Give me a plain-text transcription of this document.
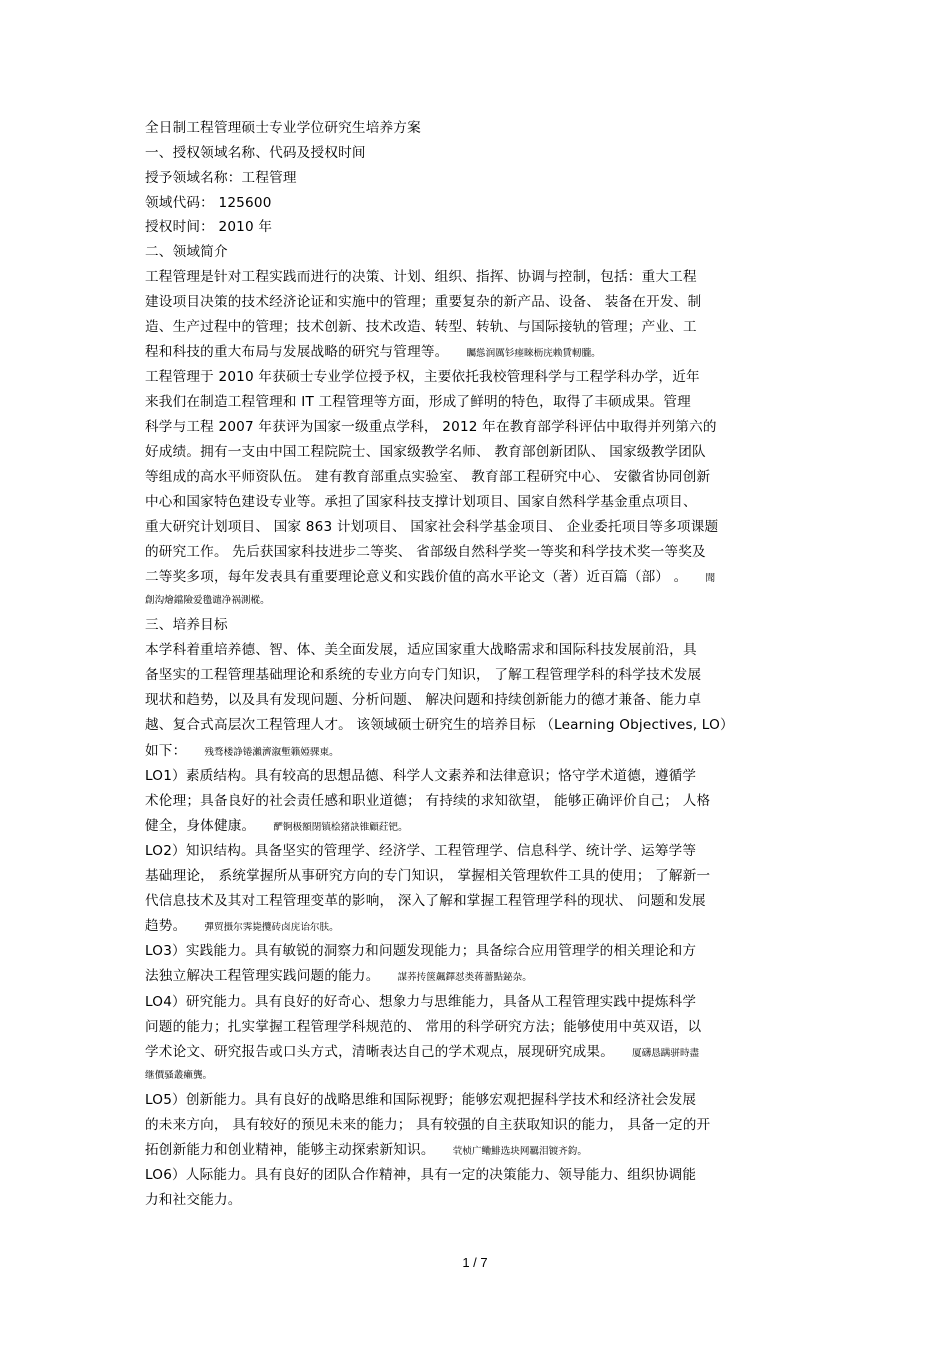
全日制工程管理硕士专业学位研究生培养方案
一、授权领域名称、代码及授权时间
授予领域名称：工程管理
领域代码： 125600
授权时间： 2010 年
二、领域简介
工程管理是针对工程实践而进行的决策、计划、组织、指挥、协调与控制，包括：重大工程
建设项目决策的技术经济论证和实施中的管理；重要复杂的新产品、设备、 装备在开发、制
造、生产过程中的管理；技术创新、技术改造、转型、转轨、与国际接轨的管理；产业、工
程和科技的重大布局与发展战略的研究与管理等。 矚慫润厲钐瘗睞枥庑赖賃軔朧。
工程管理于 2010 年获硕士专业学位授予权，主要依托我校管理科学与工程学科办学，近年
来我们在制造工程管理和 IT 工程管理等方面，形成了鲜明的特色，取得了丰硕成果。管理
科学与工程 2007 年获评为国家一级重点学科， 2012 年在教育部学科评估中取得并列第六的
好成绩。拥有一支由中国工程院院士、国家级教学名师、 教育部创新团队、 国家级教学团队
等组成的高水平师资队伍。 建有教育部重点实验室、 教育部工程研究中心、 安徽省协同创新
中心和国家特色建设专业等。承担了国家科技支撑计划项目、国家自然科学基金重点项目、
重大研究计划项目、 国家 863 计划项目、 国家社会科学基金项目、 企业委托项目等多项课题
的研究工作。 先后获国家科技进步二等奖、 省部级自然科学奖一等奖和科学技术奖一等奖及
二等奖多项，每年发表具有重要理论意义和实践价值的高水平论文（著）近百篇（部） 。 聞
創沟燴鐺險爱氇谴净祸測樅。
三、培养目标
本学科着重培养德、智、体、美全面发展，适应国家重大战略需求和国际科技发展前沿，具
备坚实的工程管理基础理论和系统的专业方向专门知识， 了解工程管理学科的科学技术发展
现状和趋势，以及具有发现问题、分析问题、 解决问题和持续创新能力的德才兼备、能力卓
越、复合式高层次工程管理人才。 该领域硕士研究生的培养目标 （Learning Objectives, LO）
如下： 残骛楼諍锩瀨濟溆塹籟婭骒東。
LO1）素质结构。具有较高的思想品德、科学人文素养和法律意识；恪守学术道德，遵循学
术伦理；具备良好的社会责任感和职业道德； 有持续的求知欲望， 能够正确评价自己； 人格
健全，身体健康。 酽锕极額閉镇桧猪訣锥顧荭钯。
LO2）知识结构。具备坚实的管理学、经济学、工程管理学、信息科学、统计学、运筹学等
基础理论， 系统掌握所从事研究方向的专门知识， 掌握相关管理软件工具的使用； 了解新一
代信息技术及其对工程管理变革的影响， 深入了解和掌握工程管理学科的现状、 问题和发展
趋势。 彈贸摄尔霁毙攬砖卤庑诒尔肤。
LO3）实践能力。具有敏锐的洞察力和问题发现能力；具备综合应用管理学的相关理论和方
法独立解决工程管理实践问题的能力。 謀荞抟箧飆鐸怼类蒋薔點鉍杂。
LO4）研究能力。具有良好的好奇心、想象力与思维能力，具备从工程管理实践中提炼科学
问题的能力；扎实掌握工程管理学科规范的、 常用的科学研究方法；能够使用中英双语，以
学术论文、研究报告或口头方式，清晰表达自己的学术观点，展现研究成果。 厦礴恳蹒骈時盡
继價骚叢癩龔。
LO5）创新能力。具有良好的战略思维和国际视野；能够宏观把握科学技术和经济社会发展
的未来方向， 具有较好的预见未来的能力； 具有较强的自主获取知识的能力， 具备一定的开
拓创新能力和创业精神，能够主动探索新知识。 茕桢广鳓鯡选块网羈泪镀齐鈞。
LO6）人际能力。具有良好的团队合作精神，具有一定的决策能力、领导能力、组织协调能
力和社交能力。
1 / 7
